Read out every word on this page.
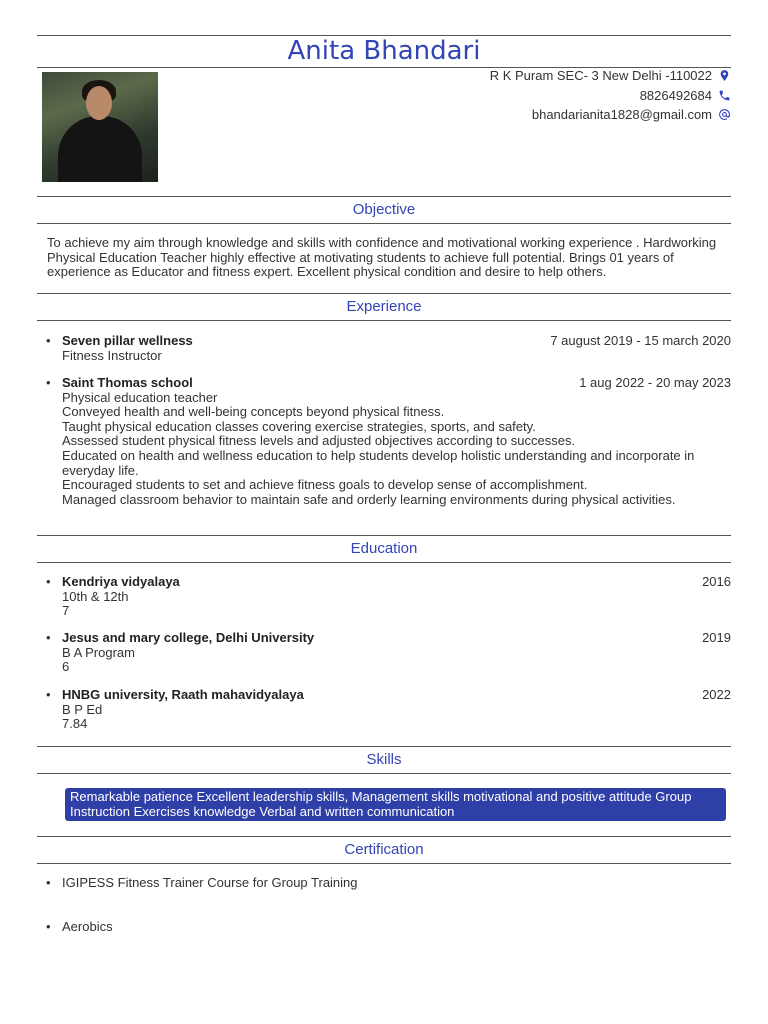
Anita Bhandari
R K Puram SEC- 3 New Delhi -110022
8826492684
bhandarianita1828@gmail.com
Objective
To achieve my aim through knowledge and skills with confidence and motivational working experience . Hardworking Physical Education Teacher highly effective at motivating students to achieve full potential. Brings 01 years of experience as Educator and fitness expert. Excellent physical condition and desire to help others.
Experience
• Seven pillar wellness	7 august 2019 - 15 march 2020
Fitness Instructor
• Saint Thomas school	1 aug 2022 - 20 may 2023
Physical education teacher
Conveyed health and well-being concepts beyond physical fitness.
Taught physical education classes covering exercise strategies, sports, and safety.
Assessed student physical fitness levels and adjusted objectives according to successes.
Educated on health and wellness education to help students develop holistic understanding and incorporate in everyday life.
Encouraged students to set and achieve fitness goals to develop sense of accomplishment.
Managed classroom behavior to maintain safe and orderly learning environments during physical activities.
Education
• Kendriya vidyalaya	2016
10th & 12th
7
• Jesus and mary college, Delhi University	2019
B A Program
6
• HNBG university, Raath mahavidyalaya	2022
B P Ed
7.84
Skills
Remarkable patience Excellent leadership skills, Management skills motivational and positive attitude Group Instruction Exercises knowledge Verbal and written communication
Certification
• IGIPESS Fitness Trainer Course for Group Training
• Aerobics
